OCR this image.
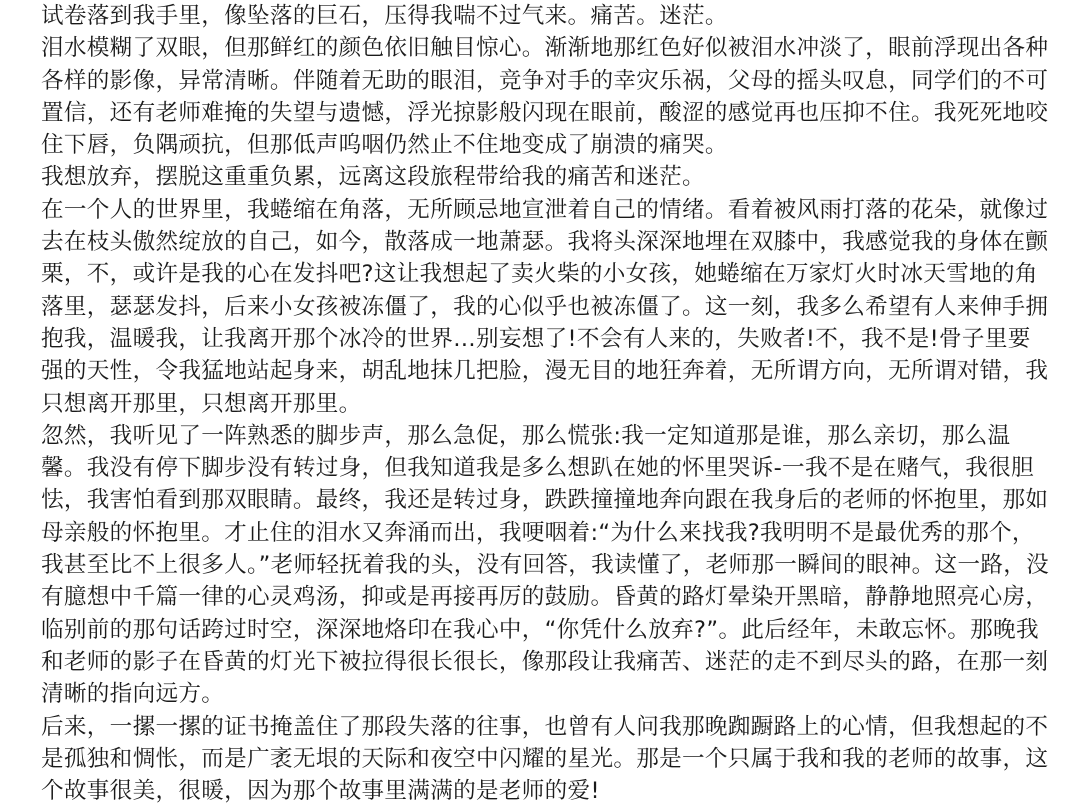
试卷落到我手里，像坠落的巨石，压得我喘不过气来。痛苦。迷茫。

泪水模糊了双眼，但那鲜红的颜色依旧触目惊心。渐渐地那红色好似被泪水冲淡了，眼前浮现出各种各样的影像，异常清晰。伴随着无助的眼泪，竞争对手的幸灾乐祸，父母的摇头叹息，同学们的不可置信，还有老师难掩的失望与遗憾，浮光掠影般闪现在眼前，酸涩的感觉再也压抑不住。我死死地咬住下唇，负隅顽抗，但那低声呜咽仍然止不住地变成了崩溃的痛哭。

我想放弃，摆脱这重重负累，远离这段旅程带给我的痛苦和迷茫。

在一个人的世界里，我蜷缩在角落，无所顾忌地宣泄着自己的情绪。看着被风雨打落的花朵，就像过去在枝头傲然绽放的自己，如今，散落成一地萧瑟。我将头深深地埋在双膝中，我感觉我的身体在颤栗，不，或许是我的心在发抖吧?这让我想起了卖火柴的小女孩，她蜷缩在万家灯火时冰天雪地的角落里，瑟瑟发抖，后来小女孩被冻僵了，我的心似乎也被冻僵了。这一刻，我多么希望有人来伸手拥抱我，温暖我，让我离开那个冰冷的世界…别妄想了!不会有人来的，失败者!不，我不是!骨子里要强的天性，令我猛地站起身来，胡乱地抹几把脸，漫无目的地狂奔着，无所谓方向，无所谓对错，我只想离开那里，只想离开那里。

忽然，我听见了一阵熟悉的脚步声，那么急促，那么慌张:我一定知道那是谁，那么亲切，那么温馨。我没有停下脚步没有转过身，但我知道我是多么想趴在她的怀里哭诉-一我不是在赌气，我很胆怯，我害怕看到那双眼睛。最终，我还是转过身，跌跌撞撞地奔向跟在我身后的老师的怀抱里，那如母亲般的怀抱里。才止住的泪水又奔涌而出，我哽咽着:“为什么来找我?我明明不是最优秀的那个，我甚至比不上很多人。”老师轻抚着我的头，没有回答，我读懂了，老师那一瞬间的眼神。这一路，没有臆想中千篇一律的心灵鸡汤，抑或是再接再厉的鼓励。昏黄的路灯晕染开黑暗，静静地照亮心房，临别前的那句话跨过时空，深深地烙印在我心中，“你凭什么放弃?”。此后经年，未敢忘怀。那晚我和老师的影子在昏黄的灯光下被拉得很长很长，像那段让我痛苦、迷茫的走不到尽头的路，在那一刻清晰的指向远方。

后来，一摞一摞的证书掩盖住了那段失落的往事，也曾有人问我那晚踟蹰路上的心情，但我想起的不是孤独和惆怅，而是广袤无垠的天际和夜空中闪耀的星光。那是一个只属于我和我的老师的故事，这个故事很美，很暖，因为那个故事里满满的是老师的爱!
